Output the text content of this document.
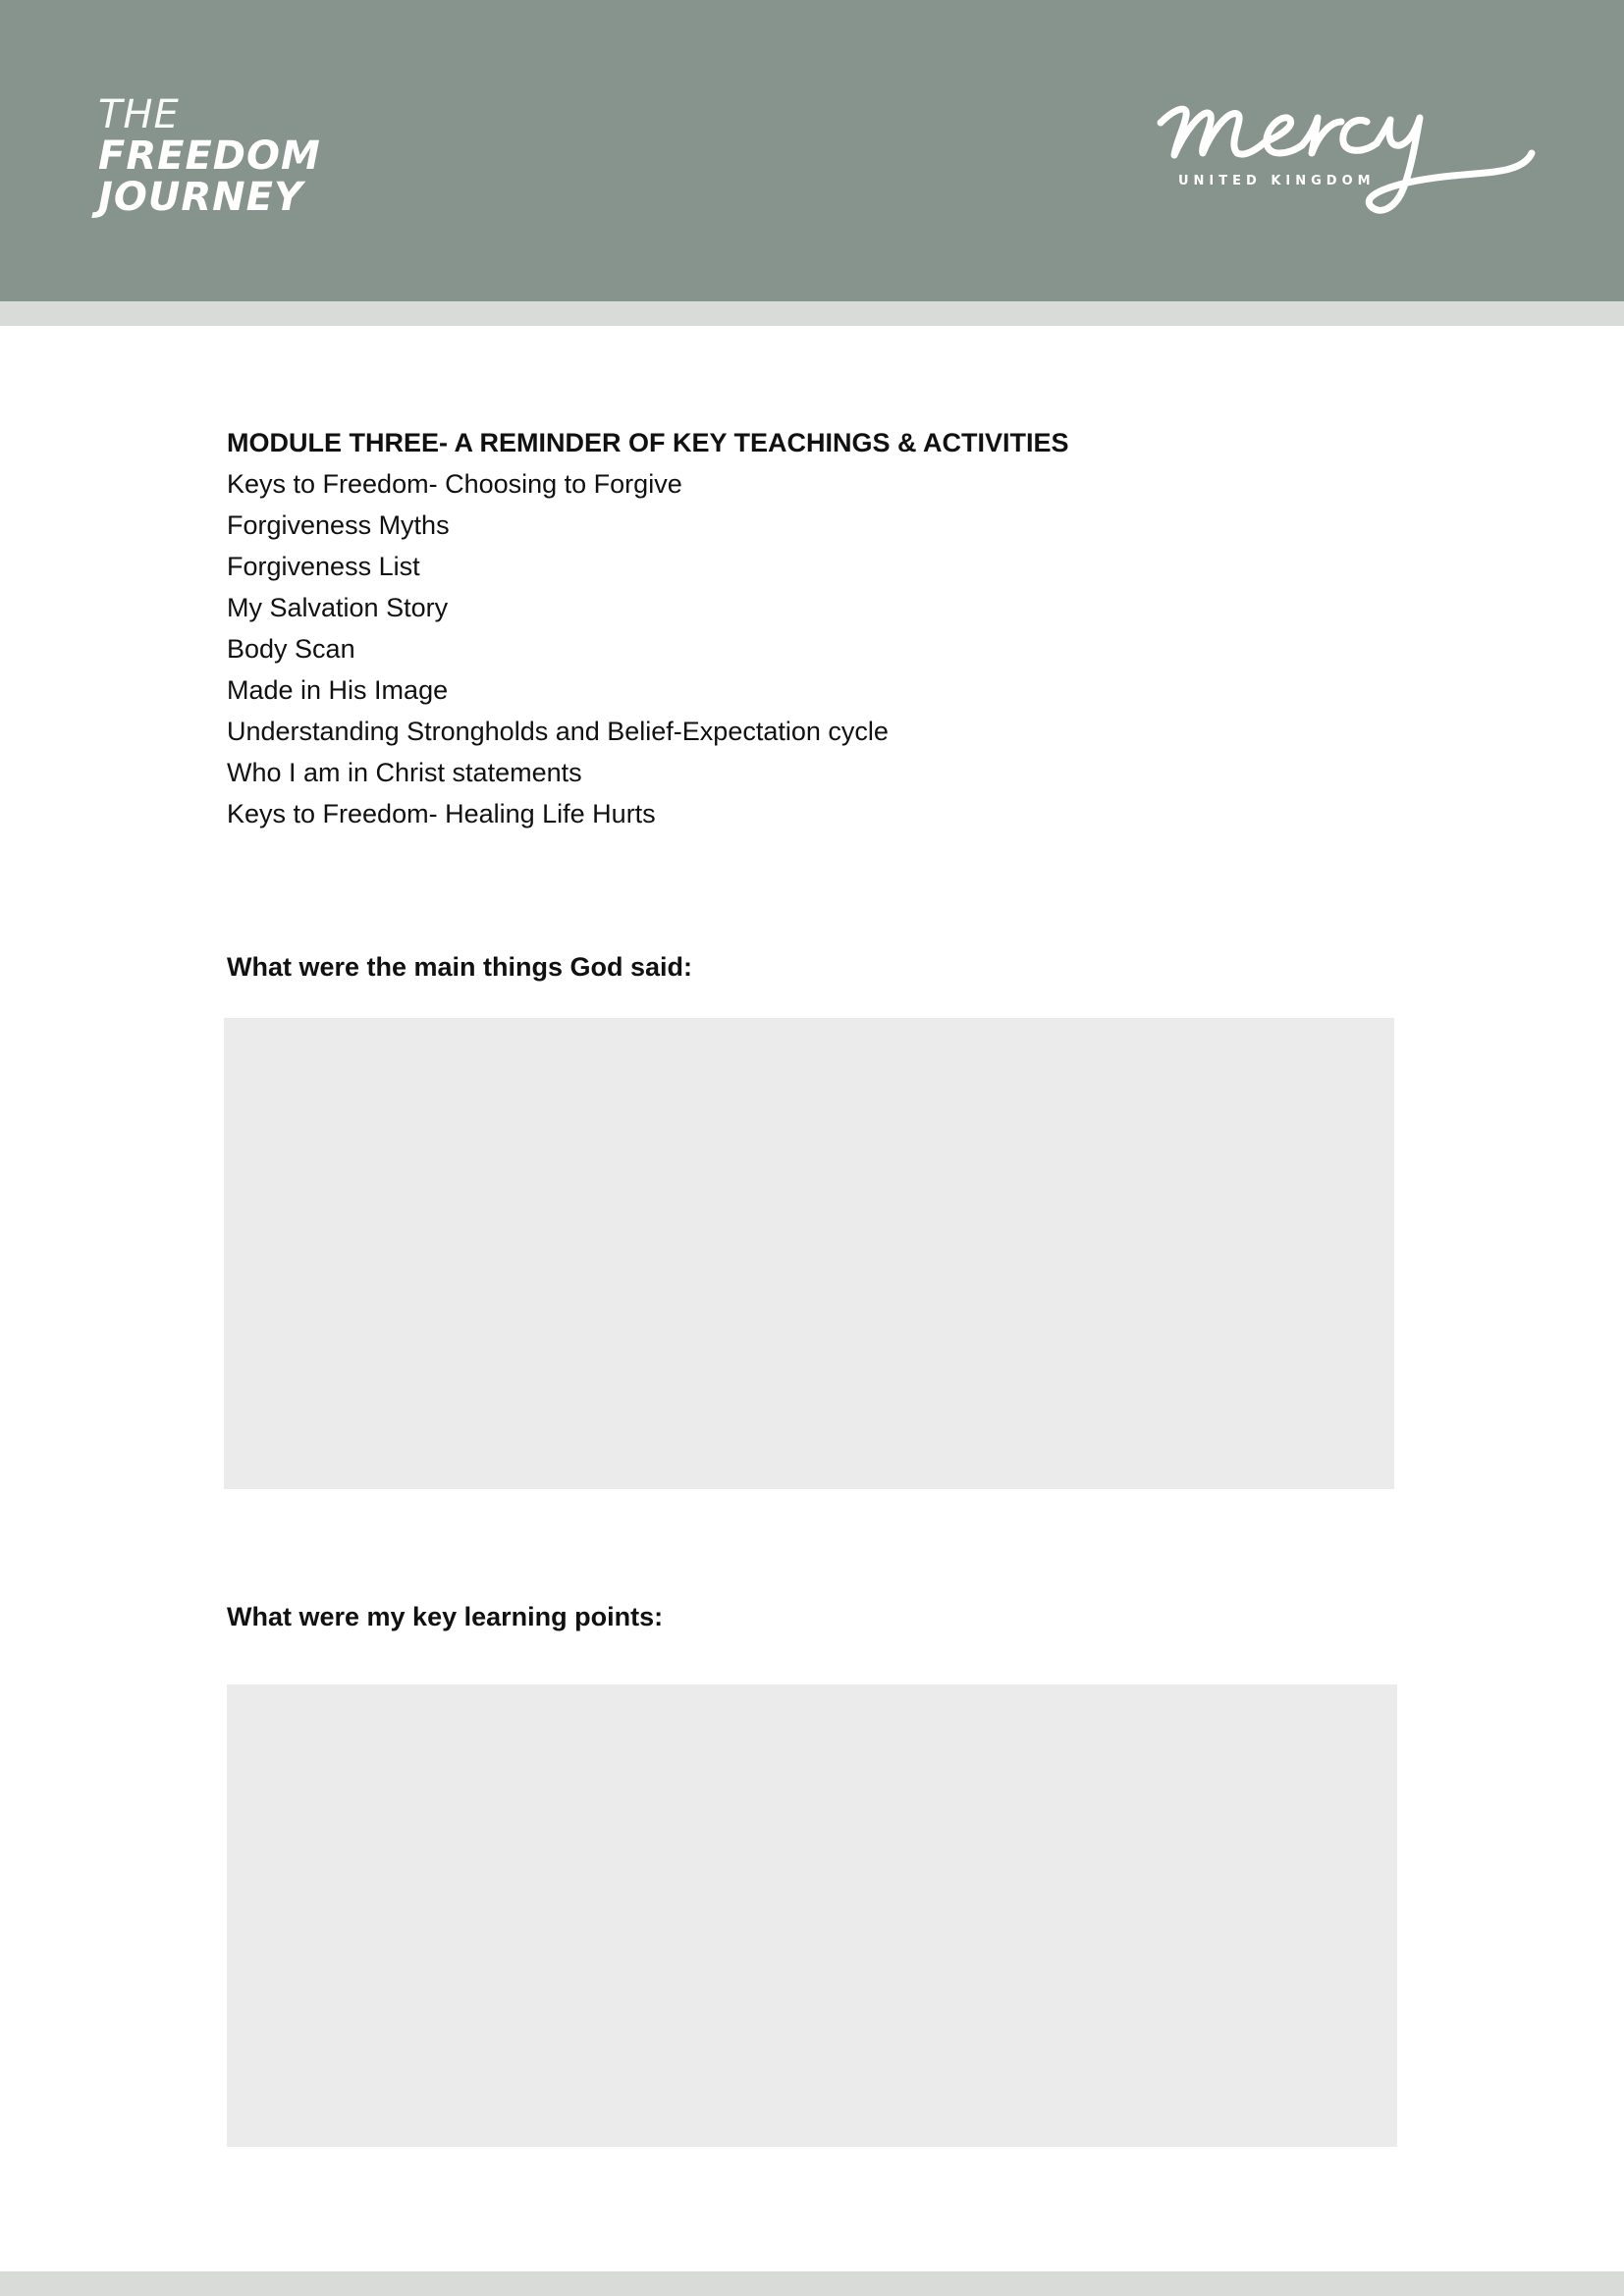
THE
FREEDOM
JOURNEY	UNITED KINGDOM
MODULE THREE- A REMINDER OF KEY TEACHINGS & ACTIVITIES
Keys to Freedom- Choosing to Forgive
Forgiveness Myths
Forgiveness List
My Salvation Story
Body Scan
Made in His Image
Understanding Strongholds and Belief-Expectation cycle
Who I am in Christ statements
Keys to Freedom- Healing Life Hurts
What were the main things God said:
What were my key learning points:
